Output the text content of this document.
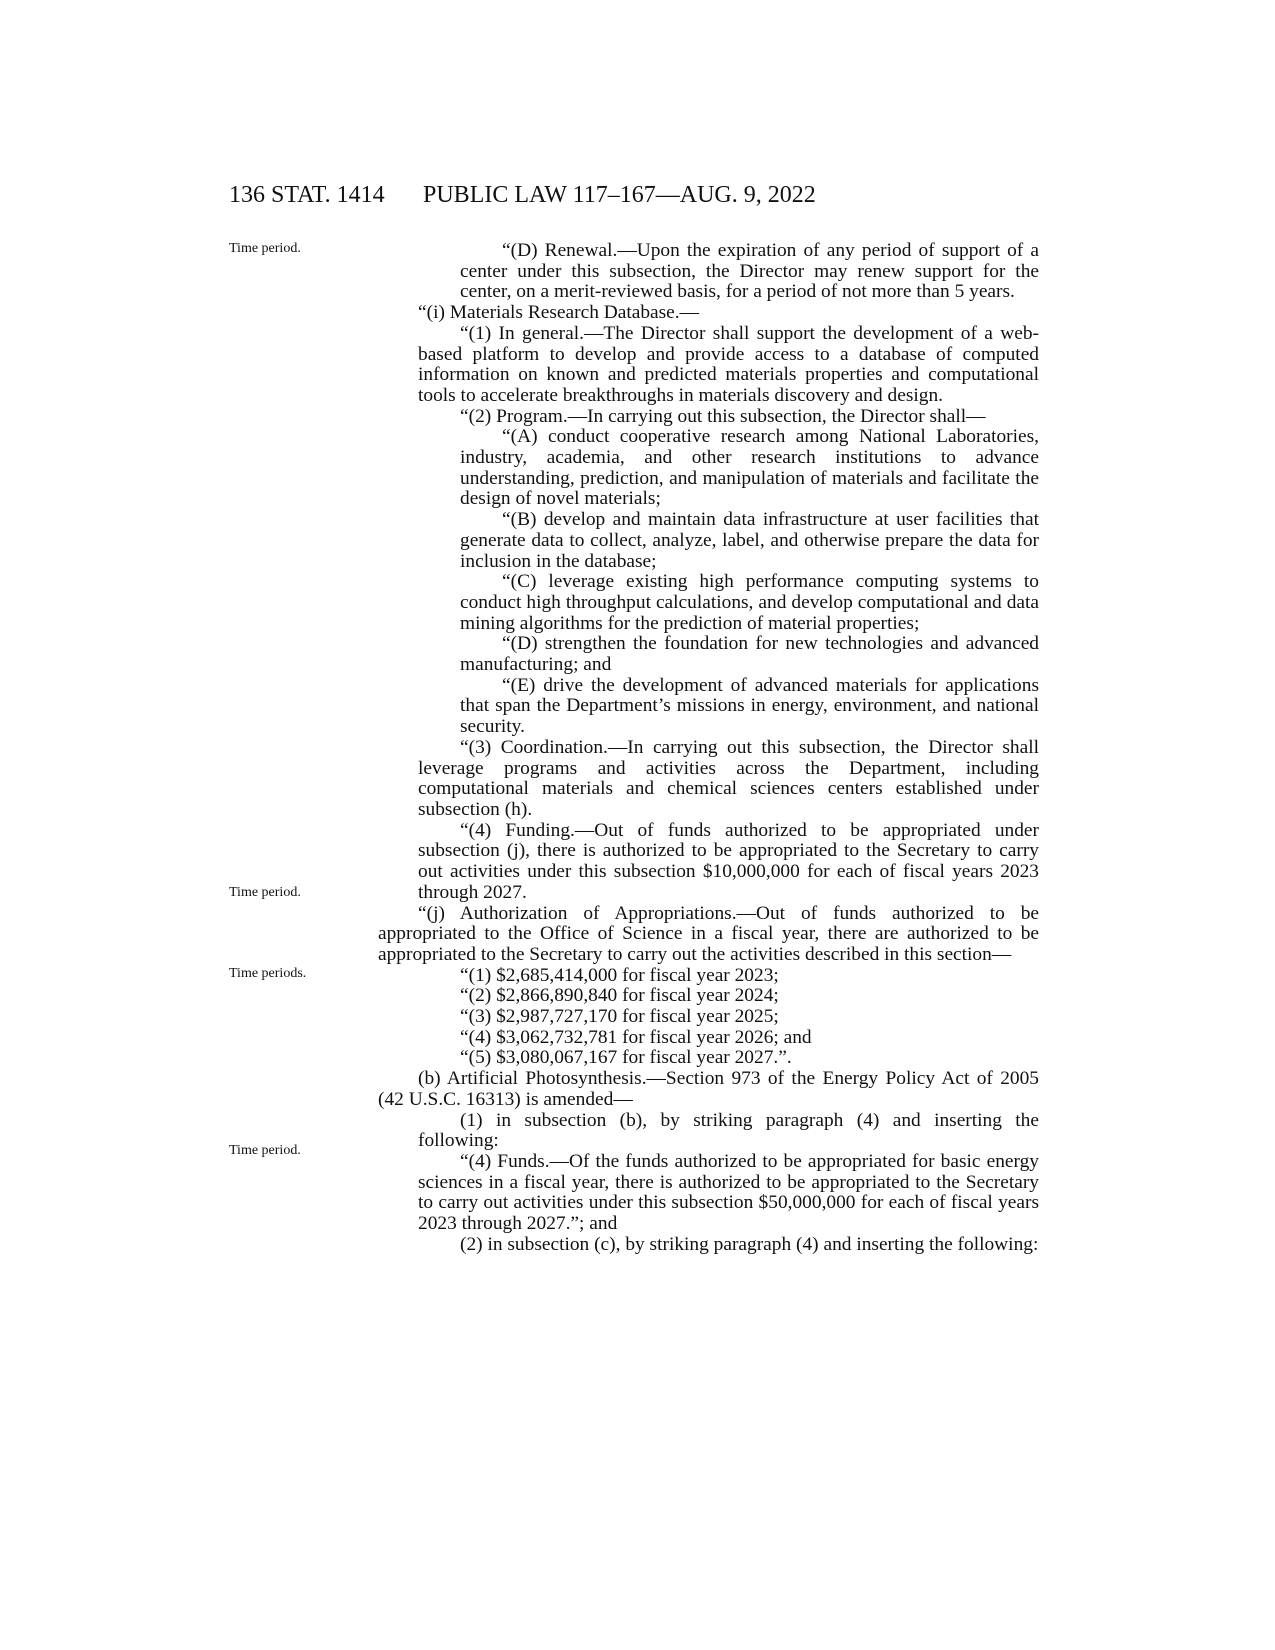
136 STAT. 1414 PUBLIC LAW 117–167—AUG. 9, 2022
Time period.
Time period.
Time periods.
Time period.

“(D) Renewal.—Upon the expiration of any period of support of a center under this subsection, the Director may renew support for the center, on a merit-reviewed basis, for a period of not more than 5 years.

“(i) Materials Research Database.—

“(1) In general.—The Director shall support the development of a web-based platform to develop and provide access to a database of computed information on known and predicted materials properties and computational tools to accelerate breakthroughs in materials discovery and design.

“(2) Program.—In carrying out this subsection, the Director shall—

“(A) conduct cooperative research among National Laboratories, industry, academia, and other research institutions to advance understanding, prediction, and manipulation of materials and facilitate the design of novel materials;

“(B) develop and maintain data infrastructure at user facilities that generate data to collect, analyze, label, and otherwise prepare the data for inclusion in the database;

“(C) leverage existing high performance computing systems to conduct high throughput calculations, and develop computational and data mining algorithms for the prediction of material properties;

“(D) strengthen the foundation for new technologies and advanced manufacturing; and

“(E) drive the development of advanced materials for applications that span the Department’s missions in energy, environment, and national security.

“(3) Coordination.—In carrying out this subsection, the Director shall leverage programs and activities across the Department, including computational materials and chemical sciences centers established under subsection (h).

“(4) Funding.—Out of funds authorized to be appropriated under subsection (j), there is authorized to be appropriated to the Secretary to carry out activities under this subsection $10,000,000 for each of fiscal years 2023 through 2027.

“(j) Authorization of Appropriations.—Out of funds authorized to be appropriated to the Office of Science in a fiscal year, there are authorized to be appropriated to the Secretary to carry out the activities described in this section—

“(1) $2,685,414,000 for fiscal year 2023;

“(2) $2,866,890,840 for fiscal year 2024;

“(3) $2,987,727,170 for fiscal year 2025;

“(4) $3,062,732,781 for fiscal year 2026; and

“(5) $3,080,067,167 for fiscal year 2027.”.

(b) Artificial Photosynthesis.—Section 973 of the Energy Policy Act of 2005 (42 U.S.C. 16313) is amended—

(1) in subsection (b), by striking paragraph (4) and inserting the following:

“(4) Funds.—Of the funds authorized to be appropriated for basic energy sciences in a fiscal year, there is authorized to be appropriated to the Secretary to carry out activities under this subsection $50,000,000 for each of fiscal years 2023 through 2027.”; and

(2) in subsection (c), by striking paragraph (4) and inserting the following:
